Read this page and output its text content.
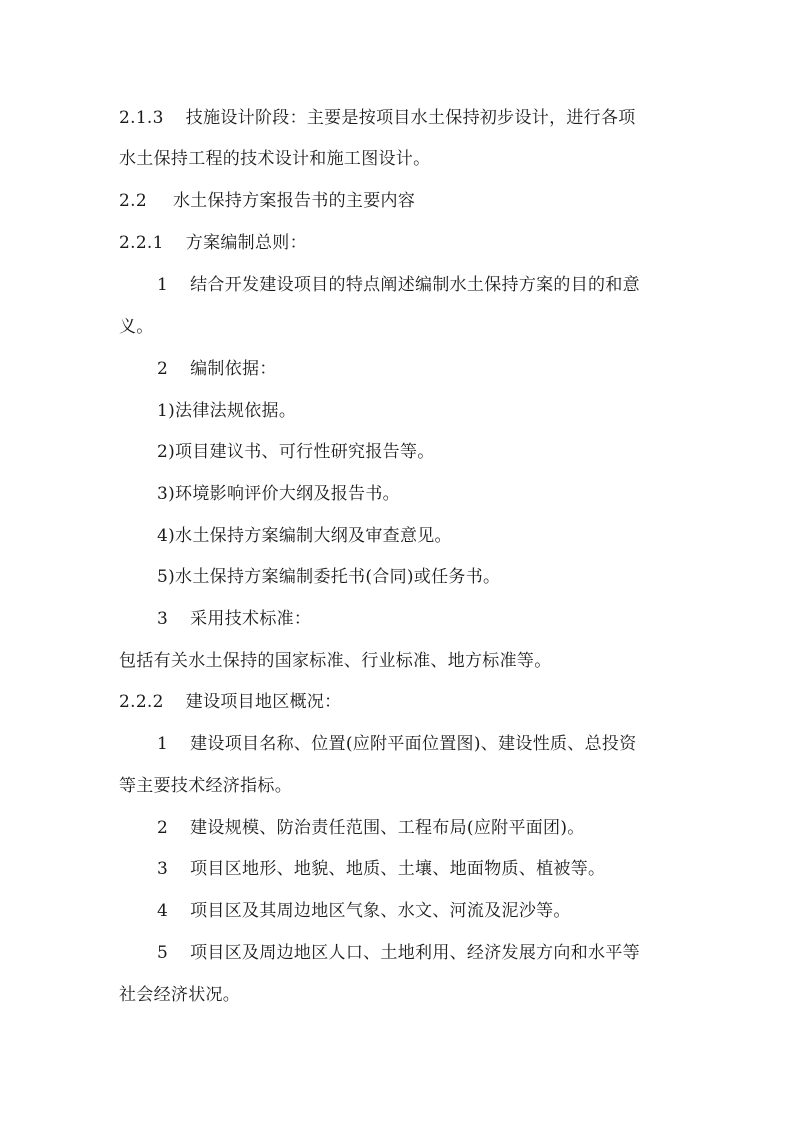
2.1.3 技施设计阶段：主要是按项目水土保持初步设计，进行各项
水土保持工程的技术设计和施工图设计。
2.2 水土保持方案报告书的主要内容
2.2.1 方案编制总则：
1 结合开发建设项目的特点阐述编制水土保持方案的目的和意
义。
2 编制依据：
1)法律法规依据。
2)项目建议书、可行性研究报告等。
3)环境影响评价大纲及报告书。
4)水土保持方案编制大纲及审查意见。
5)水土保持方案编制委托书(合同)或任务书。
3 采用技术标准：
包括有关水土保持的国家标准、行业标准、地方标准等。
2.2.2 建设项目地区概况：
1 建设项目名称、位置(应附平面位置图)、建设性质、总投资
等主要技术经济指标。
2 建设规模、防治责任范围、工程布局(应附平面团)。
3 项目区地形、地貌、地质、土壤、地面物质、植被等。
4 项目区及其周边地区气象、水文、河流及泥沙等。
5 项目区及周边地区人口、土地利用、经济发展方向和水平等
社会经济状况。
